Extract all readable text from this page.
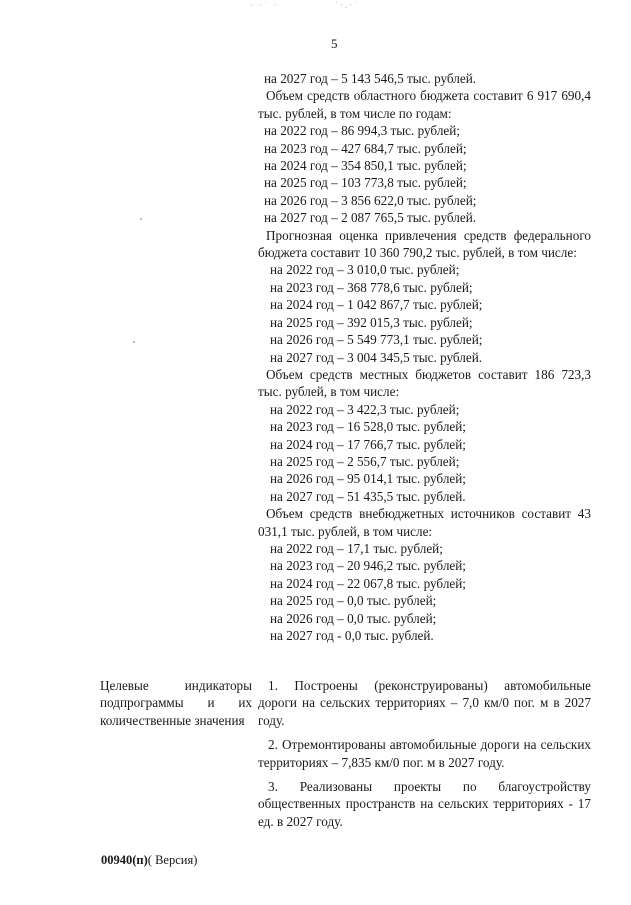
· ·˙ ·	˙·.·˙
5

на 2027 год – 5 143 546,5 тыс. рублей.

Объем средств областного бюджета составит 6 917 690,4 тыс. рублей, в том числе по годам:

на 2022 год – 86 994,3 тыс. рублей;

на 2023 год – 427 684,7 тыс. рублей;

на 2024 год – 354 850,1 тыс. рублей;

на 2025 год – 103 773,8 тыс. рублей;

на 2026 год – 3 856 622,0 тыс. рублей;

на 2027 год – 2 087 765,5 тыс. рублей.

Прогнозная оценка привлечения средств федерального бюджета составит 10 360 790,2 тыс. рублей, в том числе:

на 2022 год – 3 010,0 тыс. рублей;

на 2023 год – 368 778,6 тыс. рублей;

на 2024 год – 1 042 867,7 тыс. рублей;

на 2025 год – 392 015,3 тыс. рублей;

на 2026 год – 5 549 773,1 тыс. рублей;

на 2027 год – 3 004 345,5 тыс. рублей.

Объем средств местных бюджетов составит 186 723,3 тыс. рублей, в том числе:

на 2022 год – 3 422,3 тыс. рублей;

на 2023 год – 16 528,0 тыс. рублей;

на 2024 год – 17 766,7 тыс. рублей;

на 2025 год – 2 556,7 тыс. рублей;

на 2026 год – 95 014,1 тыс. рублей;

на 2027 год – 51 435,5 тыс. рублей.

Объем средств внебюджетных источников составит 43 031,1 тыс. рублей, в том числе:

на 2022 год – 17,1 тыс. рублей;

на 2023 год – 20 946,2 тыс. рублей;

на 2024 год – 22 067,8 тыс. рублей;

на 2025 год – 0,0 тыс. рублей;

на 2026 год – 0,0 тыс. рублей;

на 2027 год - 0,0 тыс. рублей.

Целевые индикаторы подпрограммы и их количественные значения

1. Построены (реконструированы) автомобильные дороги на сельских территориях – 7,0 км/0 пог. м в 2027 году.

2. Отремонтированы автомобильные дороги на сельских территориях – 7,835 км/0 пог. м в 2027 году.

3. Реализованы проекты по благоустройству общественных пространств на сельских территориях - 17 ед. в 2027 году.

00940(п)( Версия)
